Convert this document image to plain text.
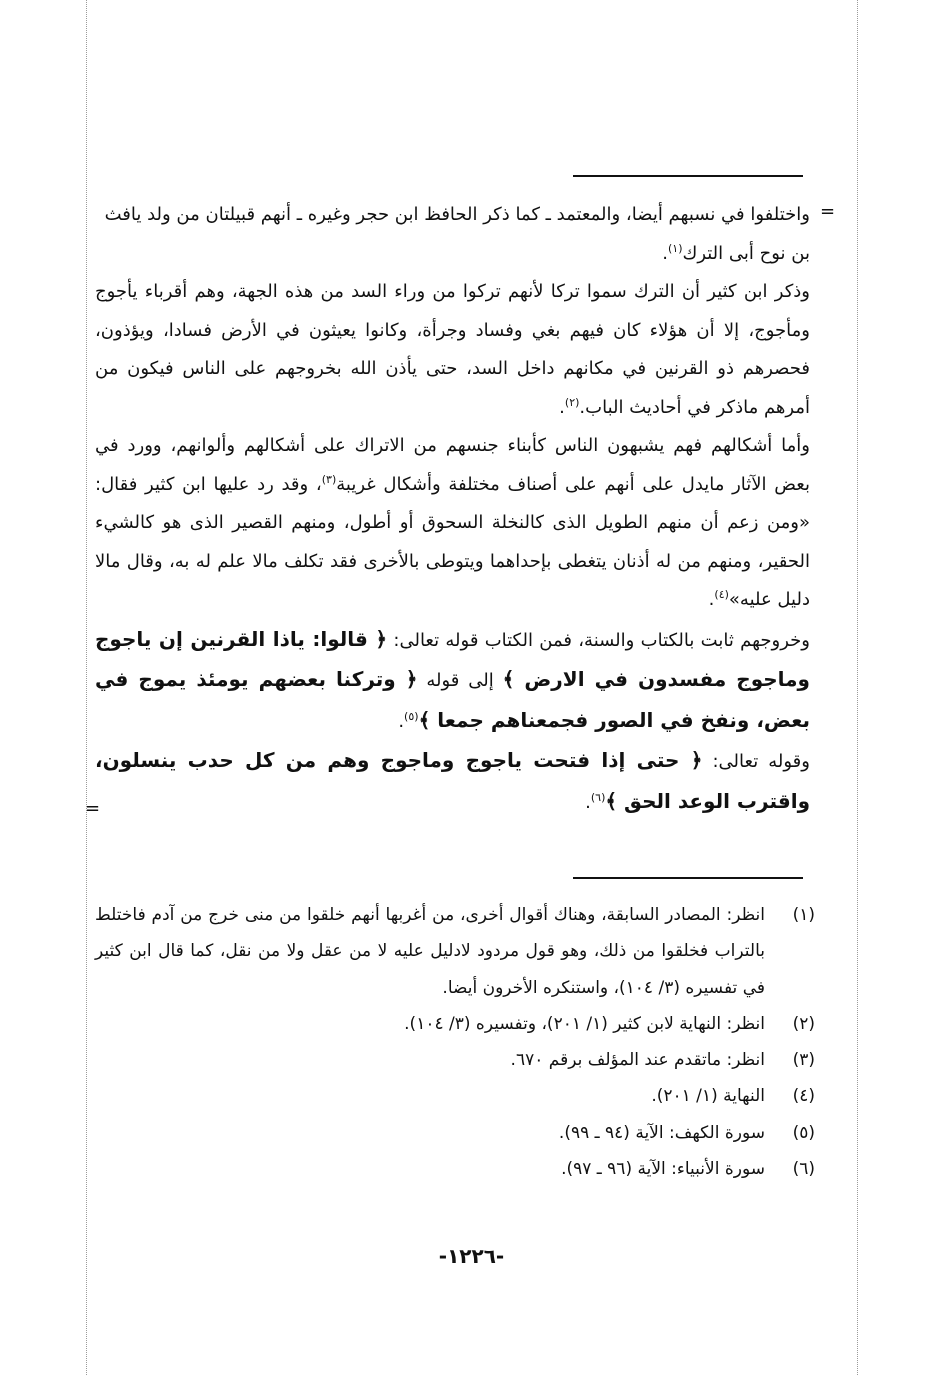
=
=

واختلفوا في نسبهم أيضا، والمعتمد ـ كما ذكر الحافظ ابن حجر وغيره ـ أنهم قبيلتان من ولد يافث بن نوح أبى الترك$^{(١)}$.

وذكر ابن كثير أن الترك سموا تركا لأنهم تركوا من وراء السد من هذه الجهة، وهم أقرباء يأجوج ومأجوج، إلا أن هؤلاء كان فيهم بغي وفساد وجرأة، وكانوا يعيثون في الأرض فسادا، ويؤذون، فحصرهم ذو القرنين في مكانهم داخل السد، حتى يأذن الله بخروجهم على الناس فيكون من أمرهم ماذكر في أحاديث الباب.$^{(٢)}$.

وأما أشكالهم فهم يشبهون الناس كأبناء جنسهم من الاتراك على أشكالهم وألوانهم، وورد في بعض الآثار مايدل على أنهم على أصناف مختلفة وأشكال غريبة$^{(٣)}$، وقد رد عليها ابن كثير فقال: «ومن زعم أن منهم الطويل الذى كالنخلة السحوق أو أطول، ومنهم القصير الذى هو كالشيء الحقير، ومنهم من له أذنان يتغطى بإحداهما ويتوطى بالأخرى فقد تكلف مالا علم له به، وقال مالا دليل عليه»$^{(٤)}$.

وخروجهم ثابت بالكتاب والسنة، فمن الكتاب قوله تعالى: ﴿ قالوا: ياذا القرنين إن ياجوج وماجوج مفسدون في الارض ﴾ إلى قوله ﴿ وتركنا بعضهم يومئذ يموج في بعض، ونفخ في الصور فجمعناهم جمعا ﴾$^{(٥)}$.

وقوله تعالى: ﴿ حتى إذا فتحت ياجوج وماجوج وهم من كل حدب ينسلون، واقترب الوعد الحق ﴾$^{(٦)}$.

(١)
انظر: المصادر السابقة، وهناك أقوال أخرى، من أغربها أنهم خلقوا من منى خرج من آدم فاختلط بالتراب فخلقوا من ذلك، وهو قول مردود لادليل عليه لا من عقل ولا من نقل، كما قال ابن كثير في تفسيره (٣/ ١٠٤)، واستنكره الأخرون أيضا.
(٢)
انظر: النهاية لابن كثير (١/ ٢٠١)، وتفسيره (٣/ ١٠٤).
(٣)
انظر: ماتقدم عند المؤلف برقم ٦٧٠.
(٤)
النهاية (١/ ٢٠١).
(٥)
سورة الكهف: الآية (٩٤ ـ ٩٩).
(٦)
سورة الأنبياء: الآية (٩٦ ـ ٩٧).
-١٢٢٦-
